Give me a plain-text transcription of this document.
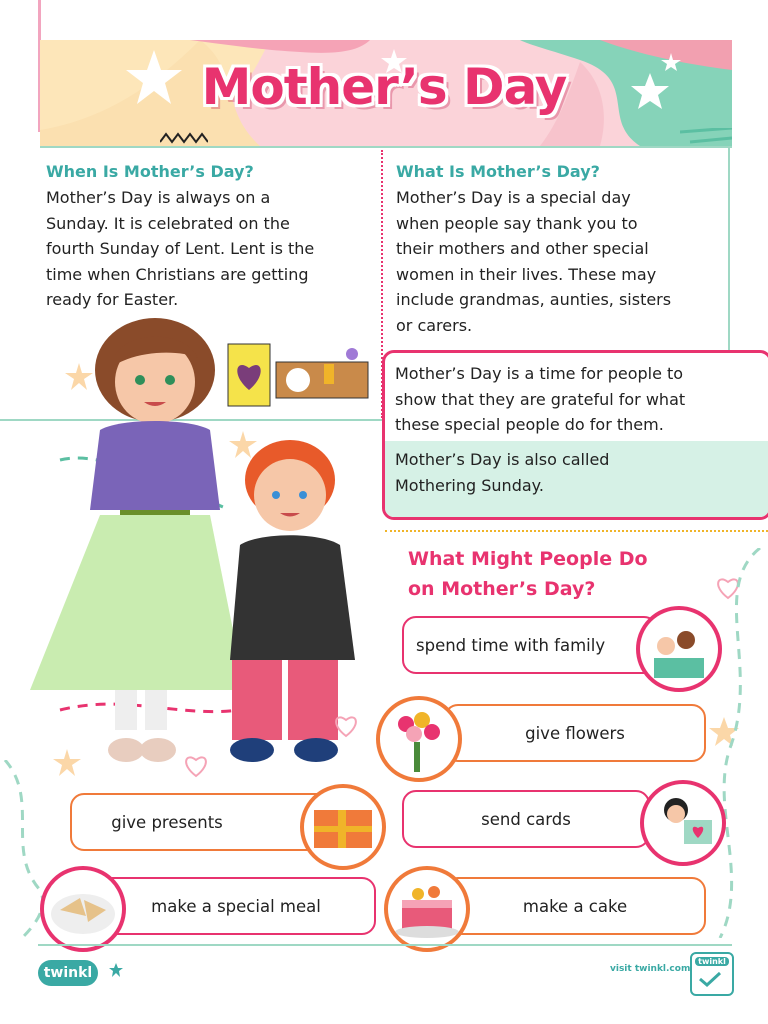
Mother’s Day
When Is Mother’s Day?
Mother’s Day is always on a
Sunday. It is celebrated on the
fourth Sunday of Lent. Lent is the
time when Christians are getting
ready for Easter.
What Is Mother’s Day?
Mother’s Day is a special day
when people say thank you to
their mothers and other special
women in their lives. These may
include grandmas, aunties, sisters
or carers.
Mother’s Day is a time for people to
show that they are grateful for what
these special people do for them.
Mother’s Day is also called
Mothering Sunday.
What Might People Do
on Mother’s Day?
spend time with family
give flowers
give presents	send cards
make a special meal	make a cake
twinkl	visit twinkl.com
twinkl
